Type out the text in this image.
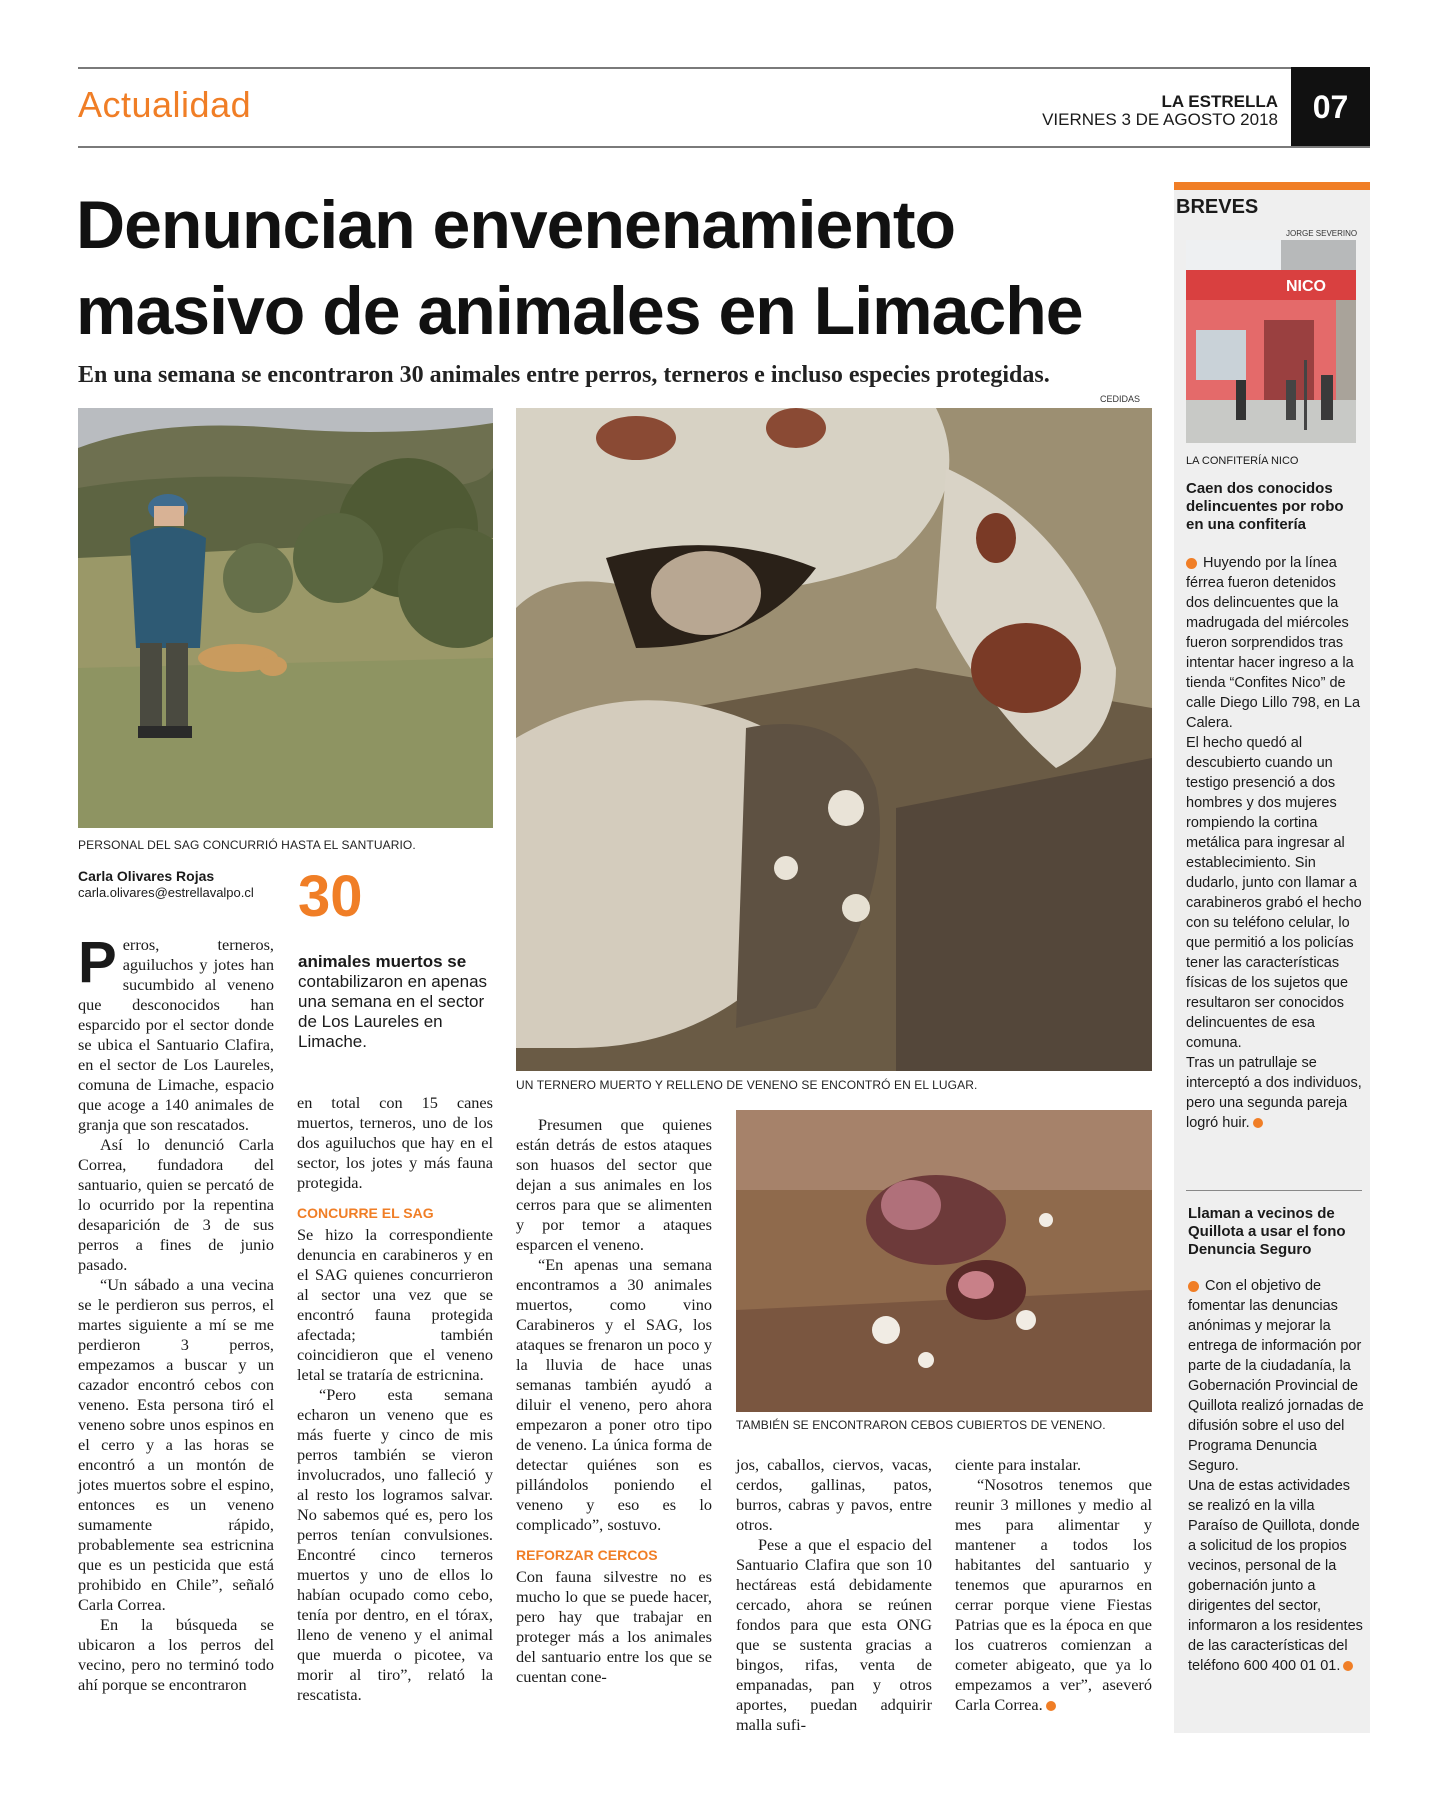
Actualidad	LA ESTRELLA
VIERNES 3 DE AGOSTO 2018	07
Denuncian envenenamiento masivo de animales en Limache
En una semana se encontraron 30 animales entre perros, terneros e incluso especies protegidas.
CEDIDAS
PERSONAL DEL SAG CONCURRIÓ HASTA EL SANTUARIO.
UN TERNERO MUERTO Y RELLENO DE VENENO SE ENCONTRÓ EN EL LUGAR.
TAMBIÉN SE ENCONTRARON CEBOS CUBIERTOS DE VENENO.
Carla Olivares Rojas
carla.olivares@estrellavalpo.cl 30
animales muertos se contabilizaron en apenas una semana en el sector de Los Laureles en Limache.

Perros, terneros, aguiluchos y jotes han sucumbido al veneno que desconocidos han esparcido por el sector donde se ubica el Santuario Clafira, en el sector de Los Laureles, comuna de Limache, espacio que acoge a 140 animales de granja que son rescatados.

Así lo denunció Carla Correa, fundadora del santuario, quien se percató de lo ocurrido por la repentina desaparición de 3 de sus perros a fines de junio pasado.

“Un sábado a una vecina se le perdieron sus perros, el martes siguiente a mí se me perdieron 3 perros, empezamos a buscar y un cazador encontró cebos con veneno. Esta persona tiró el veneno sobre unos espinos en el cerro y a las horas se encontró a un montón de jotes muertos sobre el espino, entonces es un veneno sumamente rápido, probablemente sea estricnina que es un pesticida que está prohibido en Chile”, señaló Carla Correa.

En la búsqueda se ubicaron a los perros del vecino, pero no terminó todo ahí porque se encontraron

en total con 15 canes muertos, terneros, uno de los dos aguiluchos que hay en el sector, los jotes y más fauna protegida.

CONCURRE EL SAG

Se hizo la correspondiente denuncia en carabineros y en el SAG quienes concurrieron al sector una vez que se encontró fauna protegida afectada; también coincidieron que el veneno letal se trataría de estricnina.

“Pero esta semana echaron un veneno que es más fuerte y cinco de mis perros también se vieron involucrados, uno falleció y al resto los logramos salvar. No sabemos qué es, pero los perros tenían convulsiones. Encontré cinco terneros muertos y uno de ellos lo habían ocupado como cebo, tenía por dentro, en el tórax, lleno de veneno y el animal que muerda o picotee, va morir al tiro”, relató la rescatista.

Presumen que quienes están detrás de estos ataques son huasos del sector que dejan a sus animales en los cerros para que se alimenten y por temor a ataques esparcen el veneno.

“En apenas una semana encontramos a 30 animales muertos, como vino Carabineros y el SAG, los ataques se frenaron un poco y la lluvia de hace unas semanas también ayudó a diluir el veneno, pero ahora empezaron a poner otro tipo de veneno. La única forma de detectar quiénes son es pillándolos poniendo el veneno y eso es lo complicado”, sostuvo.

REFORZAR CERCOS

Con fauna silvestre no es mucho lo que se puede hacer, pero hay que trabajar en proteger más a los animales del santuario entre los que se cuentan cone-

jos, caballos, ciervos, vacas, cerdos, gallinas, patos, burros, cabras y pavos, entre otros.

Pese a que el espacio del Santuario Clafira que son 10 hectáreas está debidamente cercado, ahora se reúnen fondos para que esta ONG que se sustenta gracias a bingos, rifas, venta de empanadas, pan y otros aportes, puedan adquirir malla sufi-

ciente para instalar.

“Nosotros tenemos que reunir 3 millones y medio al mes para alimentar y mantener a todos los habitantes del santuario y tenemos que apurarnos en cerrar porque viene Fiestas Patrias que es la época en que los cuatreros comienzan a cometer abigeato, que ya lo empezamos a ver”, aseveró Carla Correa.

BREVES
JORGE SEVERINO
NICO
LA CONFITERÍA NICO
Caen dos conocidos delincuentes por robo en una confitería
Huyendo por la línea férrea fueron detenidos dos delincuentes que la madrugada del miércoles fueron sorprendidos tras intentar hacer ingreso a la tienda “Confites Nico” de calle Diego Lillo 798, en La Calera.
El hecho quedó al descubierto cuando un testigo presenció a dos hombres y dos mujeres rompiendo la cortina metálica para ingresar al establecimiento. Sin dudarlo, junto con llamar a carabineros grabó el hecho con su teléfono celular, lo que permitió a los policías tener las características físicas de los sujetos que resultaron ser conocidos delincuentes de esa comuna.
Tras un patrullaje se interceptó a dos individuos, pero una segunda pareja logró huir.
Llaman a vecinos de Quillota a usar el fono Denuncia Seguro
Con el objetivo de fomentar las denuncias anónimas y mejorar la entrega de información por parte de la ciudadanía, la Gobernación Provincial de Quillota realizó jornadas de difusión sobre el uso del Programa Denuncia Seguro.
Una de estas actividades se realizó en la villa Paraíso de Quillota, donde a solicitud de los propios vecinos, personal de la gobernación junto a dirigentes del sector, informaron a los residentes de las características del teléfono 600 400 01 01.
